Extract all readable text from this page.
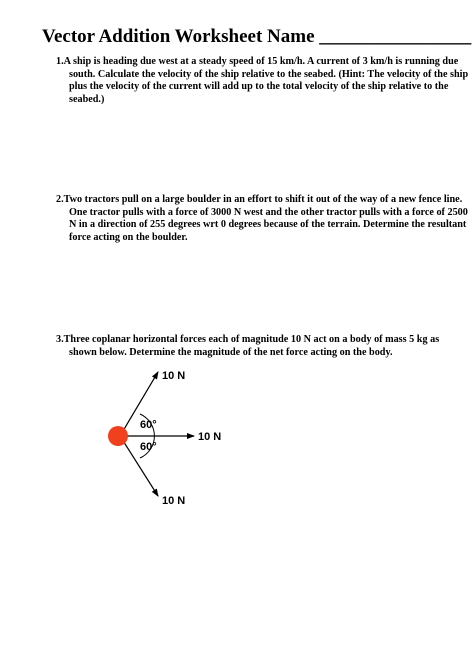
Vector Addition Worksheet Name ________________
1.A ship is heading due west at a steady speed of 15 km/h. A current of 3 km/h is running due
south. Calculate the velocity of the ship relative to the seabed. (Hint: The velocity of the ship
plus the velocity of the current will add up to the total velocity of the ship relative to the
seabed.)
2.Two tractors pull on a large boulder in an effort to shift it out of the way of a new fence line.
One tractor pulls with a force of 3000 N west and the other tractor pulls with a force of 2500
N in a direction of 255 degrees wrt 0 degrees because of the terrain. Determine the resultant
force acting on the boulder.
3.Three coplanar horizontal forces each of magnitude 10 N act on a body of mass 5 kg as
shown below. Determine the magnitude of the net force acting on the body.
10 N
10 N
10 N
60°
60°
